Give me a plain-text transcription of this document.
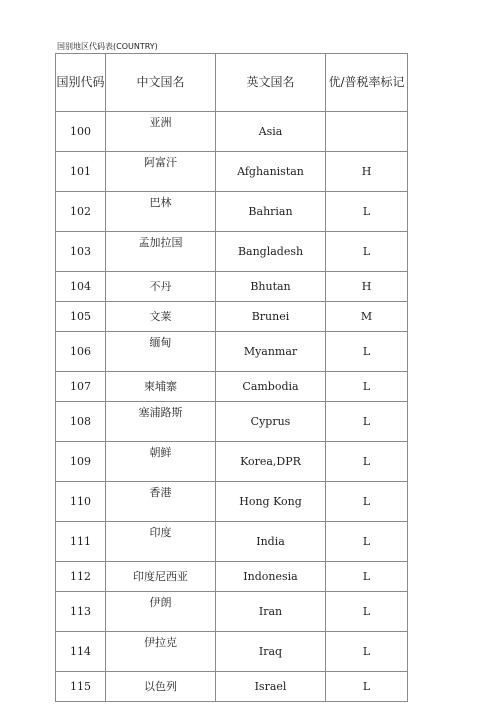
国别地区代码表(COUNTRY)
国别代码	中文国名	英文国名	优/普税率标记
100	亚洲	Asia	
101	阿富汗	Afghanistan	H
102	巴林	Bahrian	L
103	孟加拉国	Bangladesh	L
104	不丹	Bhutan	H
105	文莱	Brunei	M
106	缅甸	Myanmar	L
107	柬埔寨	Cambodia	L
108	塞浦路斯	Cyprus	L
109	朝鲜	Korea,DPR	L
110	香港	Hong Kong	L
111	印度	India	L
112	印度尼西亚	Indonesia	L
113	伊朗	Iran	L
114	伊拉克	Iraq	L
115	以色列	Israel	L
